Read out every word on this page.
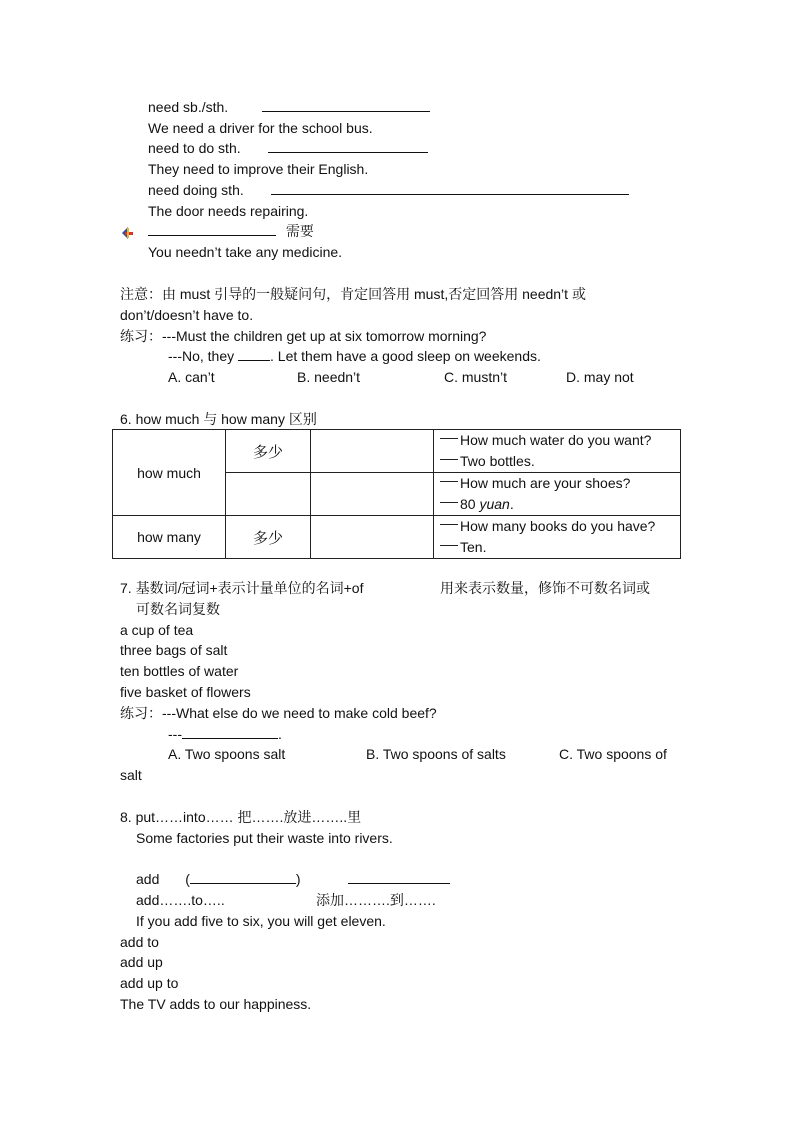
need sb./sth.
We need a driver for the school bus.
need to do sth.
They need to improve their English.
need doing sth.
The door needs repairing.
需要
You needn’t take any medicine.
注意：由 must 引导的一般疑问句，肯定回答用 must,否定回答用 needn’t 或
don’t/doesn’t have to.
练习：---Must the children get up at six tomorrow morning?
---No, they	. Let them have a good sleep on weekends.
A. can’t	B. needn’t	C. mustn’t	D. may not
6. how much 与 how many 区别
how much	多少		How much water do you want?
Two bottles.

			How much are your shoes?
80 yuan.

how many	多少		How many books do you have?
Ten.
7. 基数词/冠词+表示计量单位的名词+of	用来表示数量，修饰不可数名词或
可数名词复数
a cup of tea
three bags of salt
ten bottles of water
five basket of flowers
练习：---What else do we need to make cold beef?
---	.
A. Two spoons salt	B. Two spoons of salts	C. Two spoons of
salt
8. put……into…… 把…….放进……..里
Some factories put their waste into rivers.
add (	)
add…….to…..	添加……….到…….
If you add five to six, you will get eleven.
add to
add up
add up to
The TV adds to our happiness.
